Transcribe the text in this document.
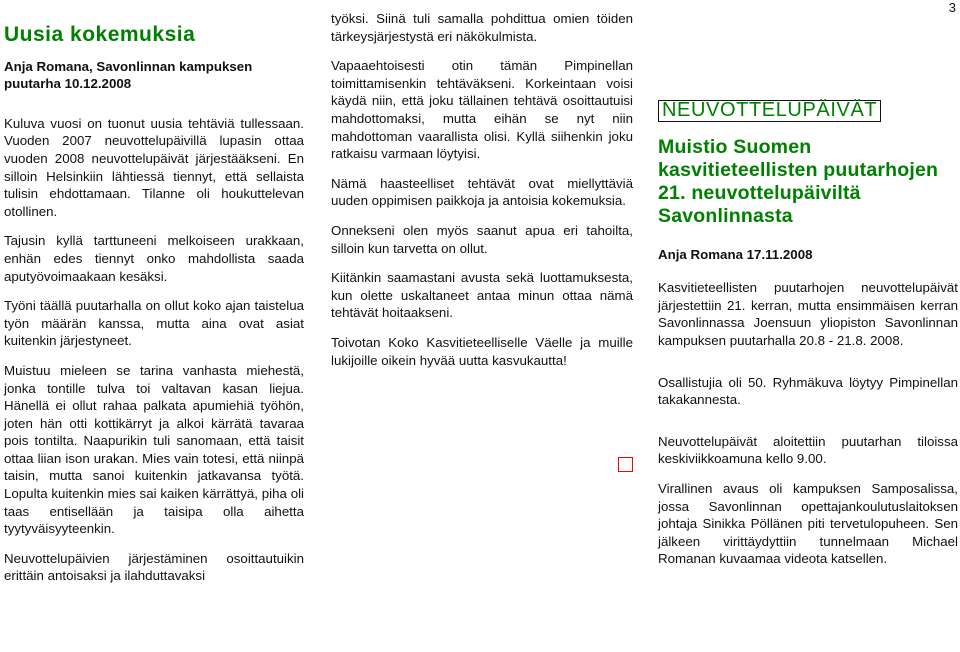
3
Uusia kokemuksia
Anja Romana, Savonlinnan kampuksen puutarha 10.12.2008

Kuluva vuosi on tuonut uusia tehtäviä tullessaan. Vuoden 2007 neuvottelupäivillä lupasin ottaa vuoden 2008 neuvottelupäivät järjestääkseni. En silloin Helsinkiin lähtiessä tiennyt, että sellaista tulisin ehdottamaan. Tilanne oli houkuttelevan otollinen.

Tajusin kyllä tarttuneeni melkoiseen urakkaan, enhän edes tiennyt onko mahdollista saada aputyövoimaakaan kesäksi.

Työni täällä puutarhalla on ollut koko ajan taistelua työn määrän kanssa, mutta aina ovat asiat kuitenkin järjestyneet.

Muistuu mieleen se tarina vanhasta miehestä, jonka tontille tulva toi valtavan kasan liejua. Hänellä ei ollut rahaa palkata apumiehiä työhön, joten hän otti kottikärryt ja alkoi kärrätä tavaraa pois tontilta. Naapurikin tuli sanomaan, että taisit ottaa liian ison urakan. Mies vain totesi, että niinpä taisin, mutta sanoi kuitenkin jatkavansa työtä. Lopulta kuitenkin mies sai kaiken kärrättyä, piha oli taas entisellään ja taisipa olla aihetta tyytyväisyyteenkin.

Neuvottelupäivien järjestäminen osoittautuikin erittäin antoisaksi ja ilahduttavaksi

työksi. Siinä tuli samalla pohdittua omien töiden tärkeysjärjestystä eri näkökulmista.

Vapaaehtoisesti otin tämän Pimpinellan toimittamisenkin tehtäväkseni. Korkeintaan voisi käydä niin, että joku tällainen tehtävä osoittautuisi mahdottomaksi, mutta eihän se nyt niin mahdottoman vaarallista olisi. Kyllä siihenkin joku ratkaisu varmaan löytyisi.

Nämä haasteelliset tehtävät ovat miellyttäviä uuden oppimisen paikkoja ja antoisia kokemuksia.

Onnekseni olen myös saanut apua eri tahoilta, silloin kun tarvetta on ollut.

Kiitänkin saamastani avusta sekä luottamuksesta, kun olette uskaltaneet antaa minun ottaa nämä tehtävät hoitaakseni.

Toivotan Koko Kasvitieteelliselle Väelle ja muille lukijoille oikein hyvää uutta kasvukautta!

NEUVOTTELUPÄIVÄT
Muistio Suomen kasvitieteellisten puutarhojen 21. neuvottelupäiviltä Savonlinnasta
Anja Romana 17.11.2008

Kasvitieteellisten puutarhojen neuvottelupäivät järjestettiin 21. kerran, mutta ensimmäisen kerran Savonlinnassa Joensuun yliopiston Savonlinnan kampuksen puutarhalla 20.8 - 21.8. 2008.

Osallistujia oli 50. Ryhmäkuva löytyy Pimpinellan takakannesta.

Neuvottelupäivät aloitettiin puutarhan tiloissa keskiviikkoamuna kello 9.00.

Virallinen avaus oli kampuksen Samposalissa, jossa Savonlinnan opettajankoulutuslaitoksen johtaja Sinikka Pöllänen piti tervetulopuheen. Sen jälkeen virittäydyttiin tunnelmaan Michael Romanan kuvaamaa videota katsellen.
